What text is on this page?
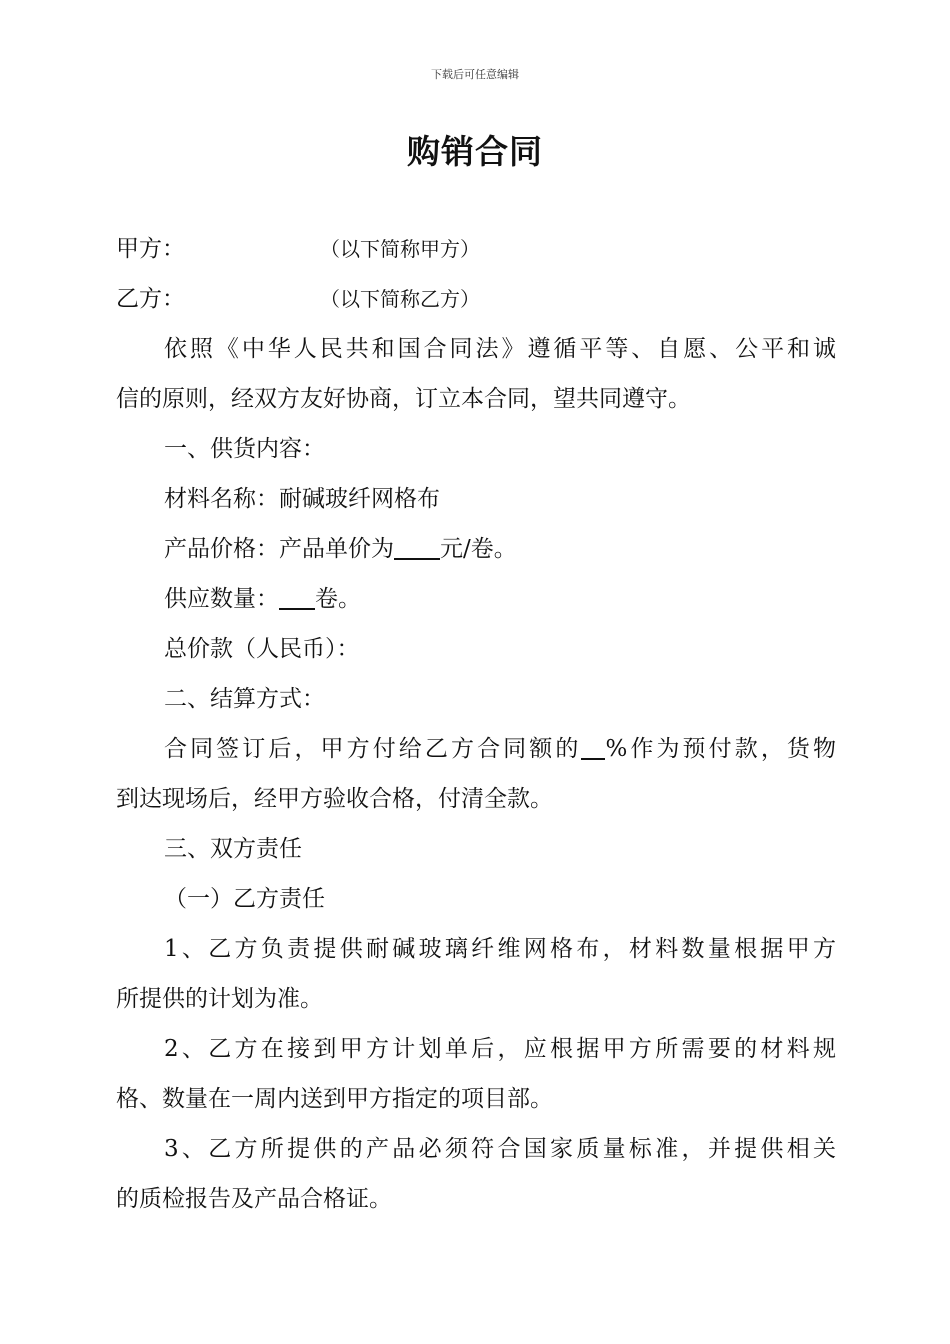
下载后可任意编辑
购销合同
甲方：	（以下简称甲方）
乙方：	（以下简称乙方）
依照《中华人民共和国合同法》遵循平等、自愿、公平和诚
信的原则，经双方友好协商，订立本合同，望共同遵守。
一、供货内容：
材料名称：耐碱玻纤网格布
产品价格：产品单价为 元/卷。
供应数量： 卷。
总价款（人民币）：
二、结算方式：
合同签订后，甲方付给乙方合同额的 %作为预付款，货物
到达现场后，经甲方验收合格，付清全款。
三、双方责任
（一）乙方责任
1、乙方负责提供耐碱玻璃纤维网格布，材料数量根据甲方
所提供的计划为准。
2、乙方在接到甲方计划单后，应根据甲方所需要的材料规
格、数量在一周内送到甲方指定的项目部。
3、乙方所提供的产品必须符合国家质量标准，并提供相关
的质检报告及产品合格证。
